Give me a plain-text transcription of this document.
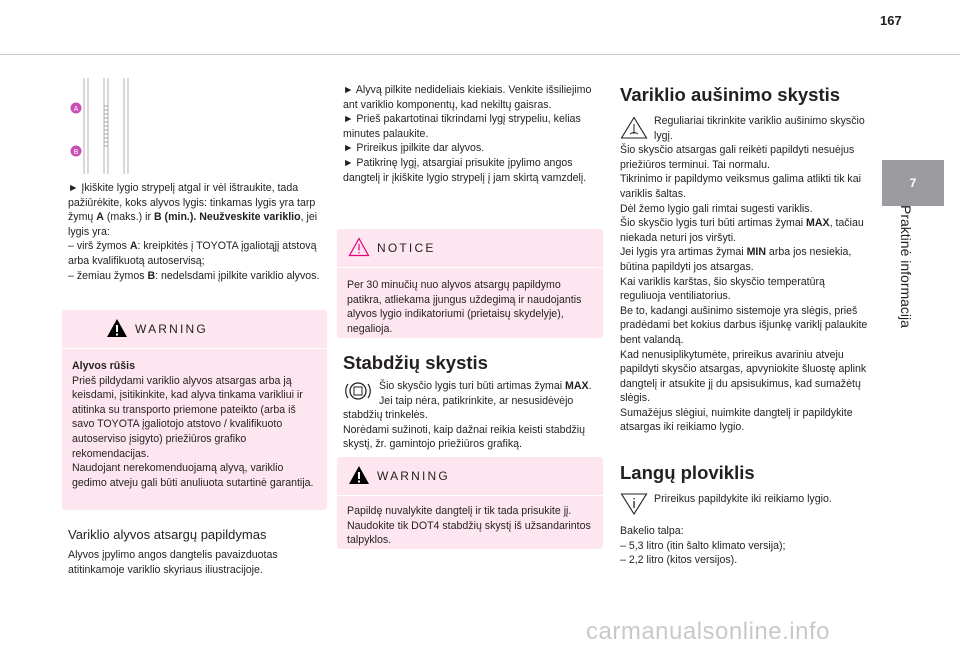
167
7
Praktinė informacija
A
B

► Įkiškite lygio strypelį atgal ir vėl ištraukite, tada pažiūrėkite, koks alyvos lygis: tinkamas lygis yra tarp žymų A (maks.) ir B (min.). Neužveskite variklio, jei lygis yra:

– virš žymos A: kreipkitės į TOYOTA įgaliotąjį atstovą arba kvalifikuotą autoservisą;

– žemiau žymos B: nedelsdami įpilkite variklio alyvos.

WARNING
Alyvos rūšis
Prieš pildydami variklio alyvos atsargas arba ją keisdami, įsitikinkite, kad alyva tinkama varikliui ir atitinka su transporto priemone pateikto (arba iš savo TOYOTA įgaliotojo atstovo / kvalifikuoto autoserviso įsigyto) priežiūros grafiko rekomendacijas.
Naudojant nerekomenduojamą alyvą, variklio gedimo atveju gali būti anuliuota sutartinė garantija.
Variklio alyvos atsargų papildymas
Alyvos įpylimo angos dangtelis pavaizduotas atitinkamoje variklio skyriaus iliustracijoje.

► Alyvą pilkite nedideliais kiekiais. Venkite išsiliejimo ant variklio komponentų, kad nekiltų gaisras.

► Prieš pakartotinai tikrindami lygį strypeliu, kelias minutes palaukite.

► Prireikus įpilkite dar alyvos.

► Patikrinę lygį, atsargiai prisukite įpylimo angos dangtelį ir įkiškite lygio strypelį į jam skirtą vamzdelį.

NOTICE
Per 30 minučių nuo alyvos atsargų papildymo patikra, atliekama įjungus uždegimą ir naudojantis alyvos lygio indikatoriumi (prietaisų skydelyje), negalioja.
Stabdžių skystis
Šio skysčio lygis turi būti artimas žymai MAX. Jei taip nėra, patikrinkite, ar nesusidėvėjo stabdžių trinkelės.
Norėdami sužinoti, kaip dažnai reikia keisti stabdžių skystį, žr. gamintojo priežiūros grafiką.
WARNING
Papildę nuvalykite dangtelį ir tik tada prisukite jį. Naudokite tik DOT4 stabdžių skystį iš užsandarintos talpyklos.
Variklio aušinimo skystis
Reguliariai tikrinkite variklio aušinimo skysčio lygį.

Šio skysčio atsargas gali reikėti papildyti nesuėjus priežiūros terminui. Tai normalu.

Tikrinimo ir papildymo veiksmus galima atlikti tik kai variklis šaltas.

Dėl žemo lygio gali rimtai sugesti variklis.

Šio skysčio lygis turi būti artimas žymai MAX, tačiau niekada neturi jos viršyti.

Jei lygis yra artimas žymai MIN arba jos nesiekia, būtina papildyti jos atsargas.

Kai variklis karštas, šio skysčio temperatūrą reguliuoja ventiliatorius.

Be to, kadangi aušinimo sistemoje yra slėgis, prieš pradėdami bet kokius darbus išjunkę variklį palaukite bent valandą.

Kad nenusiplikytumėte, prireikus avariniu atveju papildyti skysčio atsargas, apvyniokite šluostę aplink dangtelį ir atsukite jį du apsisukimus, kad sumažėtų slėgis.

Sumažėjus slėgiui, nuimkite dangtelį ir papildykite atsargas iki reikiamo lygio.

Langų ploviklis
Prireikus papildykite iki reikiamo lygio.

Bakelio talpa:

– 5,3 litro (itin šalto klimato versija);

– 2,2 litro (kitos versijos).

carmanualsonline.info
